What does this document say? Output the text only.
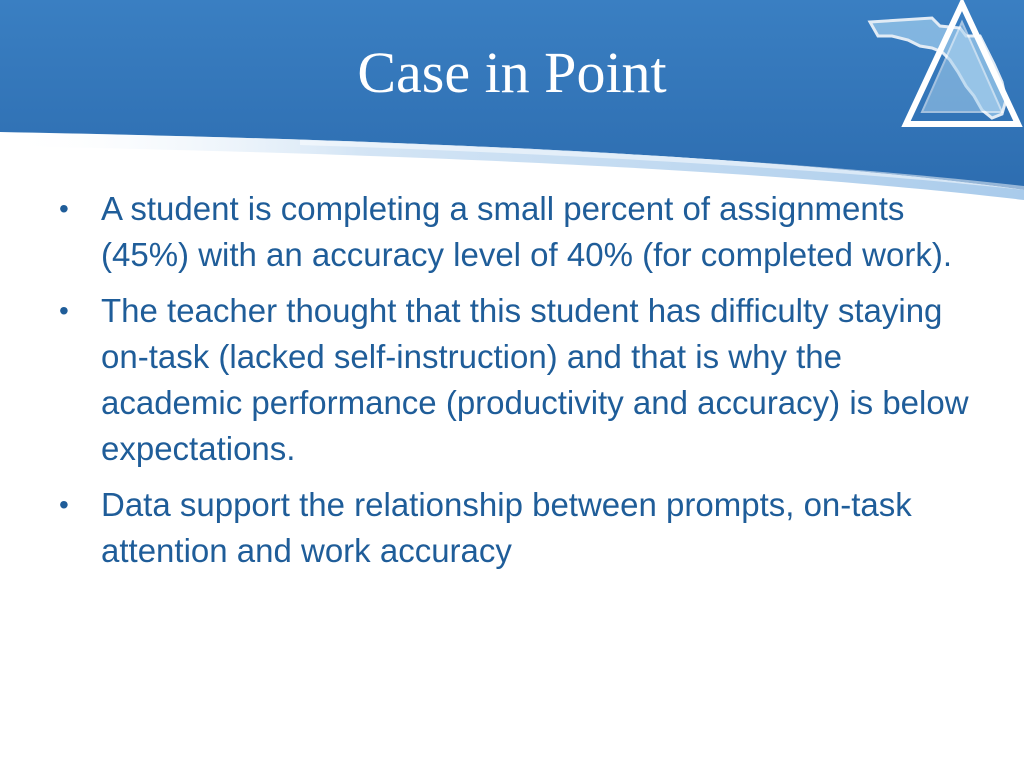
Case in Point
• A student is completing a small percent of assignments (45%) with an accuracy level of 40% (for completed work).
• The teacher thought that this student has difficulty staying on-task (lacked self-instruction) and that is why the academic performance (productivity and accuracy) is below expectations.
• Data support the relationship between prompts, on-task attention and work accuracy
